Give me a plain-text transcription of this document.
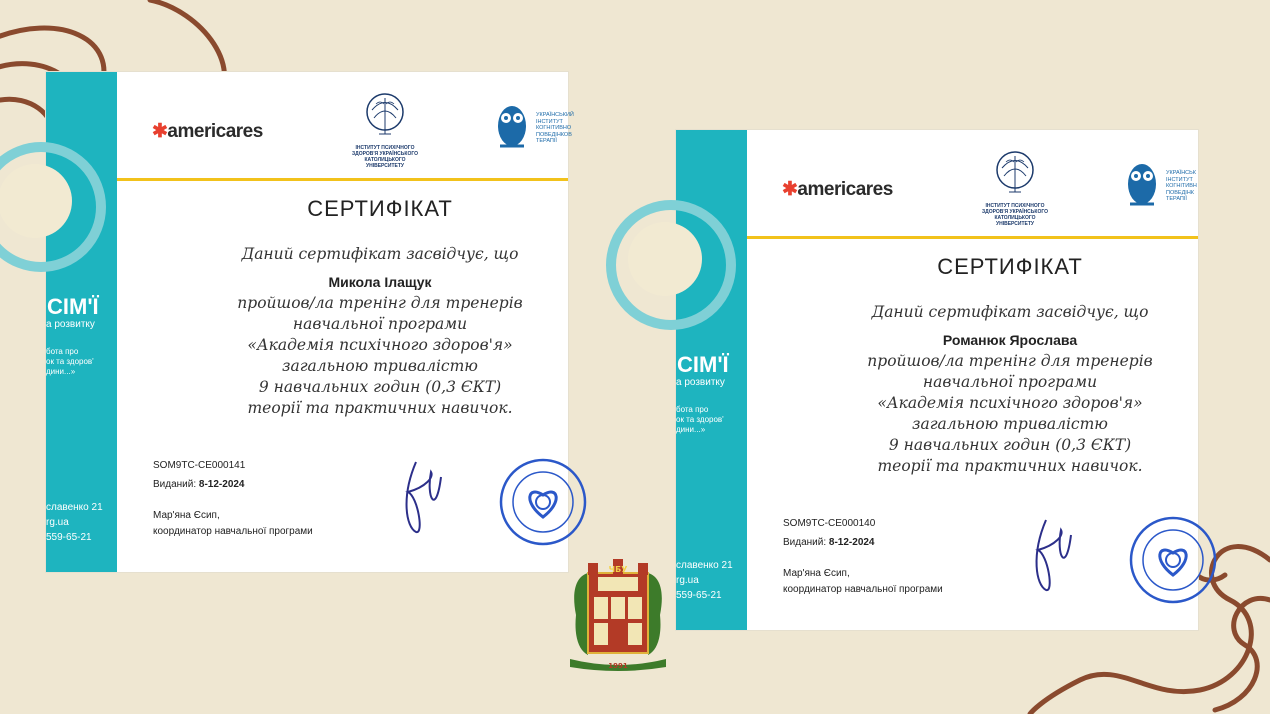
СІМ'Ї
а розвитку
бота про
ок та здоров'
дини...»
славенко 21
rg.ua
559-65-21
✱americares
ІНСТИТУТ ПСИХІЧНОГО
ЗДОРОВ'Я УКРАЇНСЬКОГО
КАТОЛИЦЬКОГО
УНІВЕРСИТЕТУ
УКРАЇНСЬКИЙ
ІНСТИТУТ
КОГНІТИВНО
ПОВЕДІНКОВ
ТЕРАПІЇ
СЕРТИФІКАТ
Даний сертифікат засвідчує, що
Микола Ілащук
пройшов/ла тренінг для тренерів
навчальної програми
«Академія психічного здоров'я»
загальною тривалістю
9 навчальних годин (0,3 ЄКТ)
теорії та практичних навичок.
SOM9TC-CE000141
Виданий: 8-12-2024
Мар'яна Єсип,
координатор навчальної програми
СІМ'Ї
а розвитку
бота про
ок та здоров'
дини...»
славенко 21
rg.ua
559-65-21
✱americares
ІНСТИТУТ ПСИХІЧНОГО
ЗДОРОВ'Я УКРАЇНСЬКОГО
КАТОЛИЦЬКОГО
УНІВЕРСИТЕТУ
УКРАЇНСЬК
ІНСТИТУТ
КОГНІТИВН
ПОВЕДІНК
ТЕРАПІЇ
СЕРТИФІКАТ
Даний сертифікат засвідчує, що
Романюк Ярослава
пройшов/ла тренінг для тренерів
навчальної програми
«Академія психічного здоров'я»
загальною тривалістю
9 навчальних годин (0,3 ЄКТ)
теорії та практичних навичок.
SOM9TC-CE000140
Виданий: 8-12-2024
Мар'яна Єсип,
координатор навчальної програми
ЧБУ
1991
